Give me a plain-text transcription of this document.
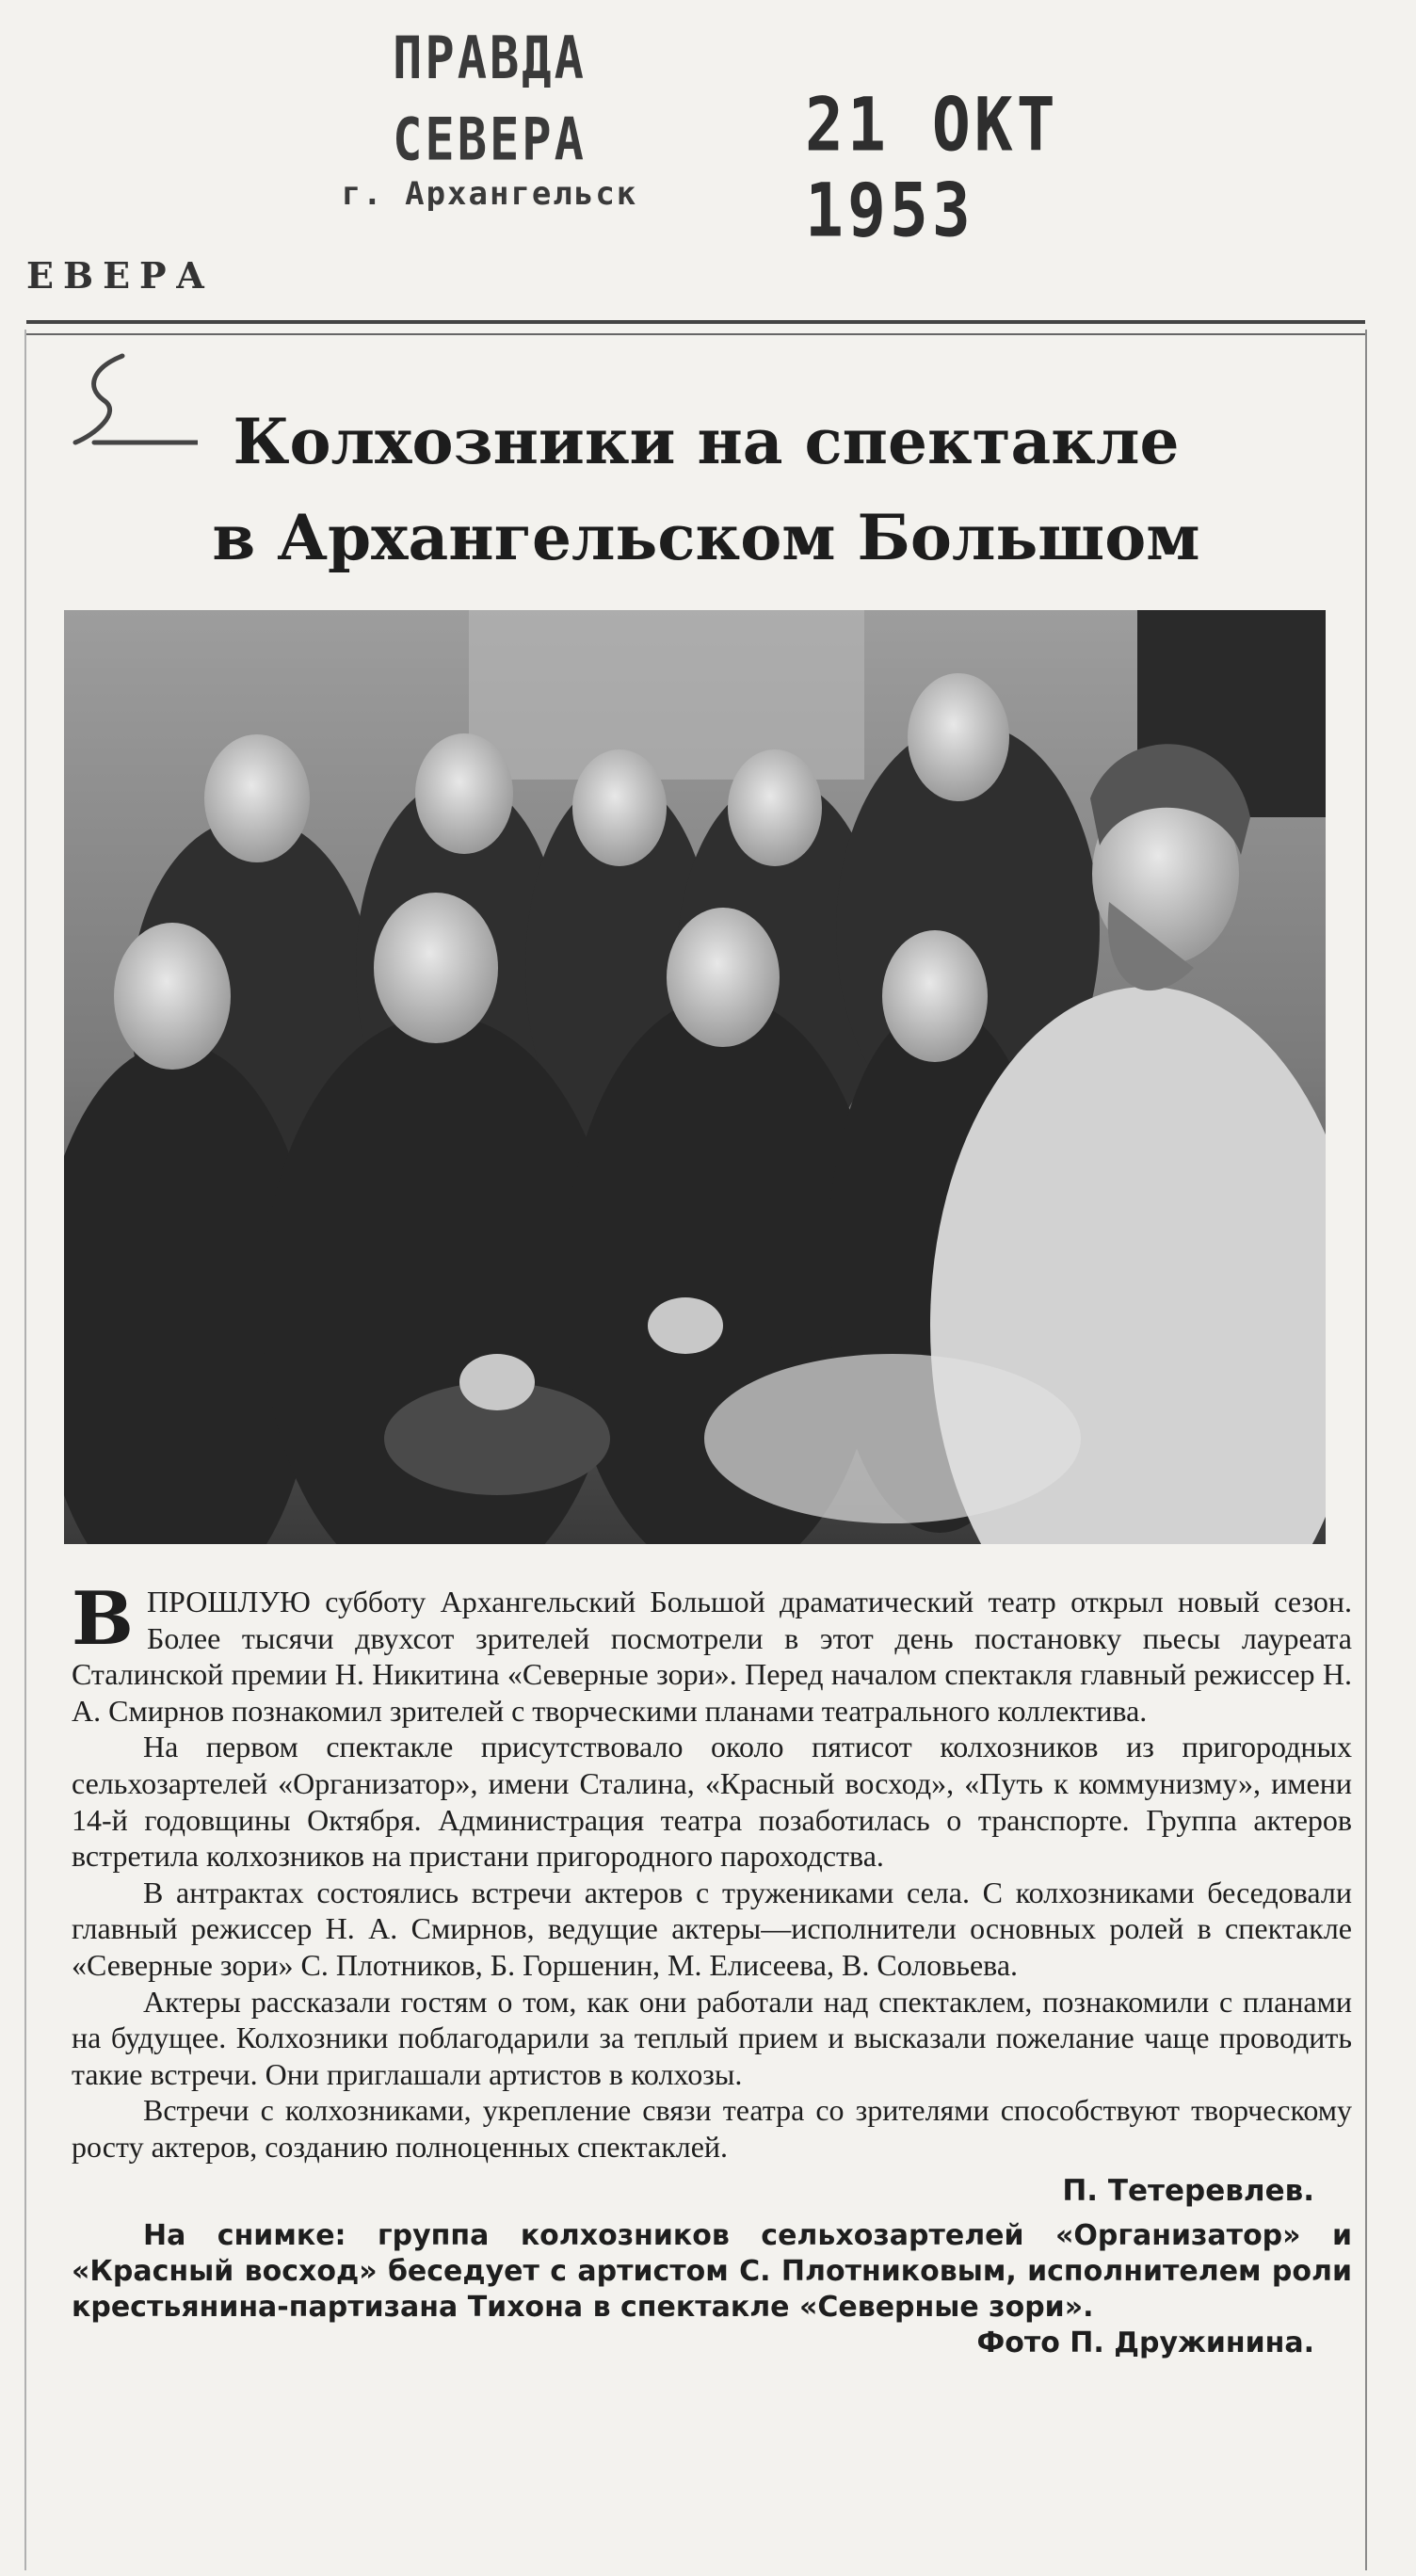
ПРАВДА СЕВЕРА
г. Архангельск
21 ОКТ 1953
ЕВЕРА
Колхозники на спектакле
в Архангельском Большом

ВПРОШЛУЮ субботу Архангельский Большой драматический театр открыл новый сезон. Более тысячи двухсот зрителей посмотрели в этот день постановку пьесы лауреата Сталинской премии Н. Никитина «Северные зори». Перед началом спектакля главный режиссер Н. А. Смирнов познакомил зрителей с творческими планами театрального коллектива.

На первом спектакле присутствовало около пятисот колхозников из пригородных сельхозартелей «Организатор», имени Сталина, «Красный восход», «Путь к коммунизму», имени 14-й годовщины Октября. Администрация театра позаботилась о транспорте. Группа актеров встретила колхозников на пристани пригородного пароходства.

В антрактах состоялись встречи актеров с тружениками села. С колхозниками беседовали главный режиссер Н. А. Смирнов, ведущие актеры—исполнители основных ролей в спектакле «Северные зори» С. Плотников, Б. Горшенин, М. Елисеева, В. Соловьева.

Актеры рассказали гостям о том, как они работали над спектаклем, познакомили с планами на будущее. Колхозники поблагодарили за теплый прием и высказали пожелание чаще проводить такие встречи. Они приглашали артистов в колхозы.

Встречи с колхозниками, укрепление связи театра со зрителями способствуют творческому росту актеров, созданию полноценных спектаклей.

П. Тетеревлев.

На снимке: группа колхозников сельхозартелей «Организатор» и «Красный восход» беседует с артистом С. Плотниковым, исполнителем роли крестьянина-партизана Тихона в спектакле «Северные зори».

Фото П. Дружинина.
